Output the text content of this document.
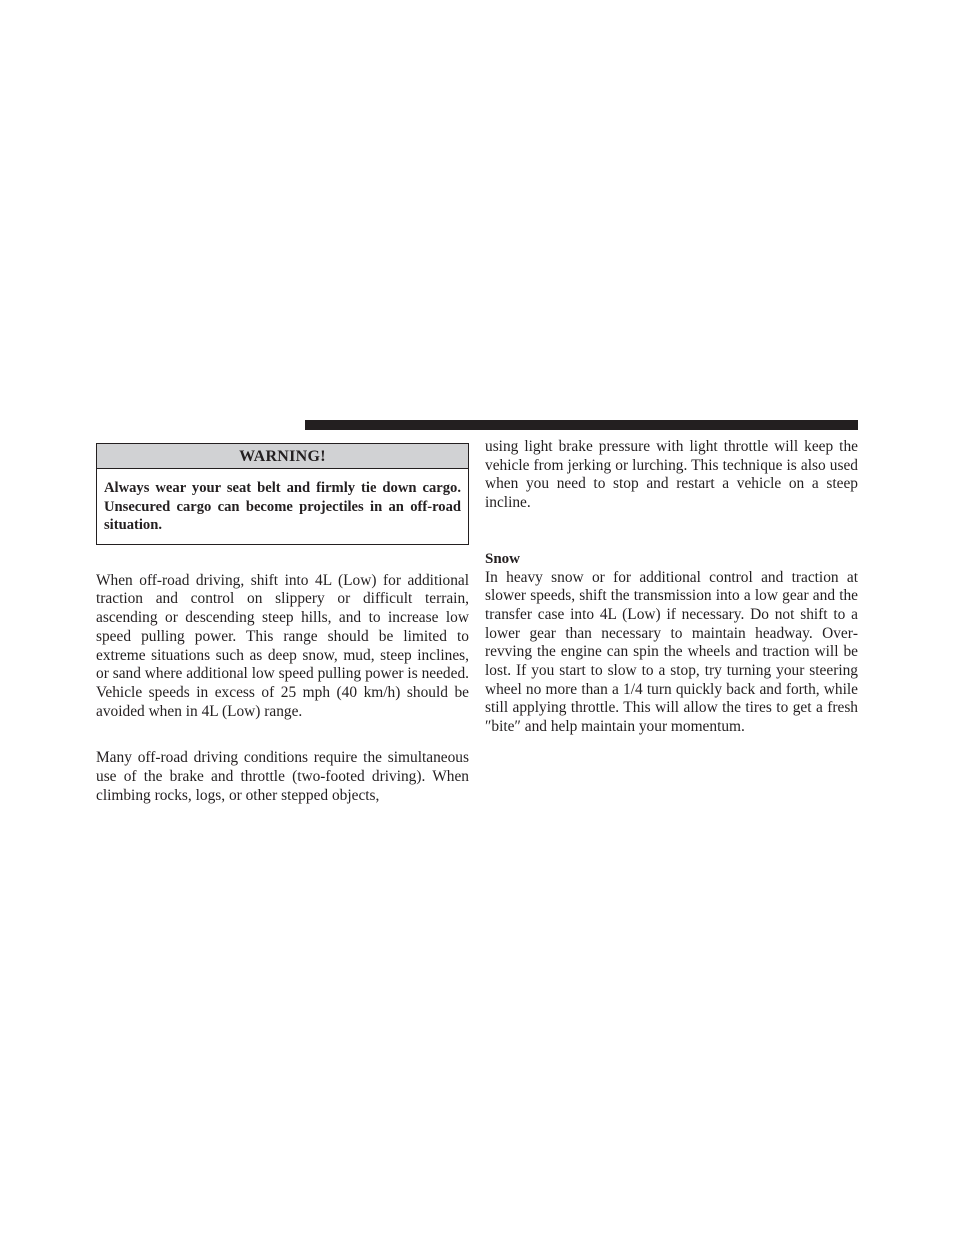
WARNING!
Always wear your seat belt and firmly tie down cargo. Unsecured cargo can become projectiles in an off-road situation.

When off-road driving, shift into 4L (Low) for additional traction and control on slippery or difficult terrain, ascending or descending steep hills, and to increase low speed pulling power. This range should be limited to extreme situations such as deep snow, mud, steep inclines, or sand where additional low speed pulling power is needed. Vehicle speeds in excess of 25 mph (40 km/h) should be avoided when in 4L (Low) range.

Many off-road driving conditions require the simultaneous use of the brake and throttle (two-footed driving). When climbing rocks, logs, or other stepped objects,

using light brake pressure with light throttle will keep the vehicle from jerking or lurching. This technique is also used when you need to stop and restart a vehicle on a steep incline.

Snow

In heavy snow or for additional control and traction at slower speeds, shift the transmission into a low gear and the transfer case into 4L (Low) if necessary. Do not shift to a lower gear than necessary to maintain headway. Overrevving the engine can spin the wheels and traction will be lost. If you start to slow to a stop, try turning your steering wheel no more than a 1/4 turn quickly back and forth, while still applying throttle. This will allow the tires to get a fresh ″bite″ and help maintain your momentum.
